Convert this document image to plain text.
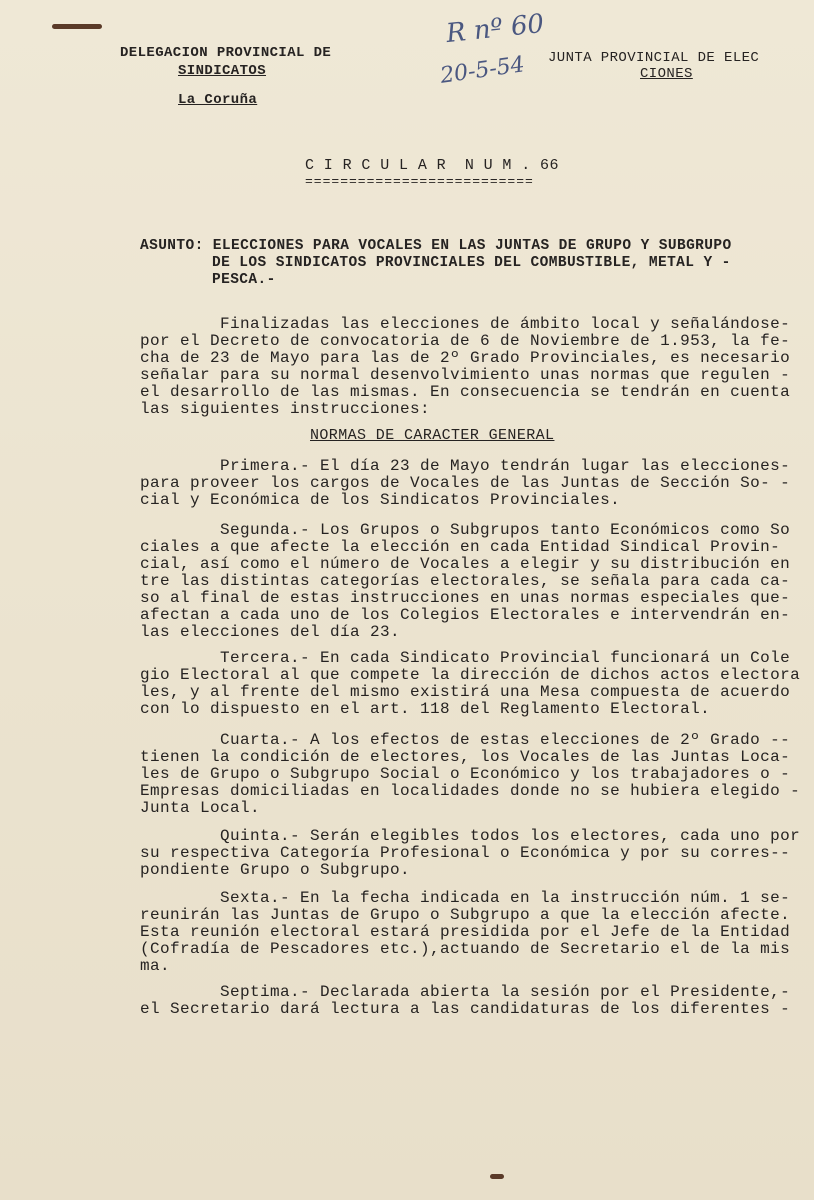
R nº 60
20-5-54
DELEGACION PROVINCIAL DE
SINDICATOS
La Coruña
JUNTA PROVINCIAL DE ELEC
CIONES
C I R C U L A R  N U M . 66
==========================
ASUNTO: ELECCIONES PARA VOCALES EN LAS JUNTAS DE GRUPO Y SUBGRUPO
DE LOS SINDICATOS PROVINCIALES DEL COMBUSTIBLE, METAL Y -
PESCA.-
Finalizadas las elecciones de ámbito local y señalándose-
por el Decreto de convocatoria de 6 de Noviembre de 1.953, la fe-
cha de 23 de Mayo para las de 2º Grado Provinciales, es necesario
señalar para su normal desenvolvimiento unas normas que regulen -
el desarrollo de las mismas. En consecuencia se tendrán en cuenta
las siguientes instrucciones:
NORMAS DE CARACTER GENERAL
Primera.- El día 23 de Mayo tendrán lugar las elecciones-
para proveer los cargos de Vocales de las Juntas de Sección So- -
cial y Económica de los Sindicatos Provinciales.
Segunda.- Los Grupos o Subgrupos tanto Económicos como So
ciales a que afecte la elección en cada Entidad Sindical Provin-
cial, así como el número de Vocales a elegir y su distribución en
tre las distintas categorías electorales, se señala para cada ca-
so al final de estas instrucciones en unas normas especiales que-
afectan a cada uno de los Colegios Electorales e intervendrán en-
las elecciones del día 23.
Tercera.- En cada Sindicato Provincial funcionará un Cole
gio Electoral al que compete la dirección de dichos actos electora
les, y al frente del mismo existirá una Mesa compuesta de acuerdo
con lo dispuesto en el art. 118 del Reglamento Electoral.
Cuarta.- A los efectos de estas elecciones de 2º Grado --
tienen la condición de electores, los Vocales de las Juntas Loca-
les de Grupo o Subgrupo Social o Económico y los trabajadores o -
Empresas domiciliadas en localidades donde no se hubiera elegido -
Junta Local.
Quinta.- Serán elegibles todos los electores, cada uno por
su respectiva Categoría Profesional o Económica y por su corres--
pondiente Grupo o Subgrupo.
Sexta.- En la fecha indicada en la instrucción núm. 1 se-
reunirán las Juntas de Grupo o Subgrupo a que la elección afecte.
Esta reunión electoral estará presidida por el Jefe de la Entidad
(Cofradía de Pescadores etc.),actuando de Secretario el de la mis
ma.
Septima.- Declarada abierta la sesión por el Presidente,-
el Secretario dará lectura a las candidaturas de los diferentes -
